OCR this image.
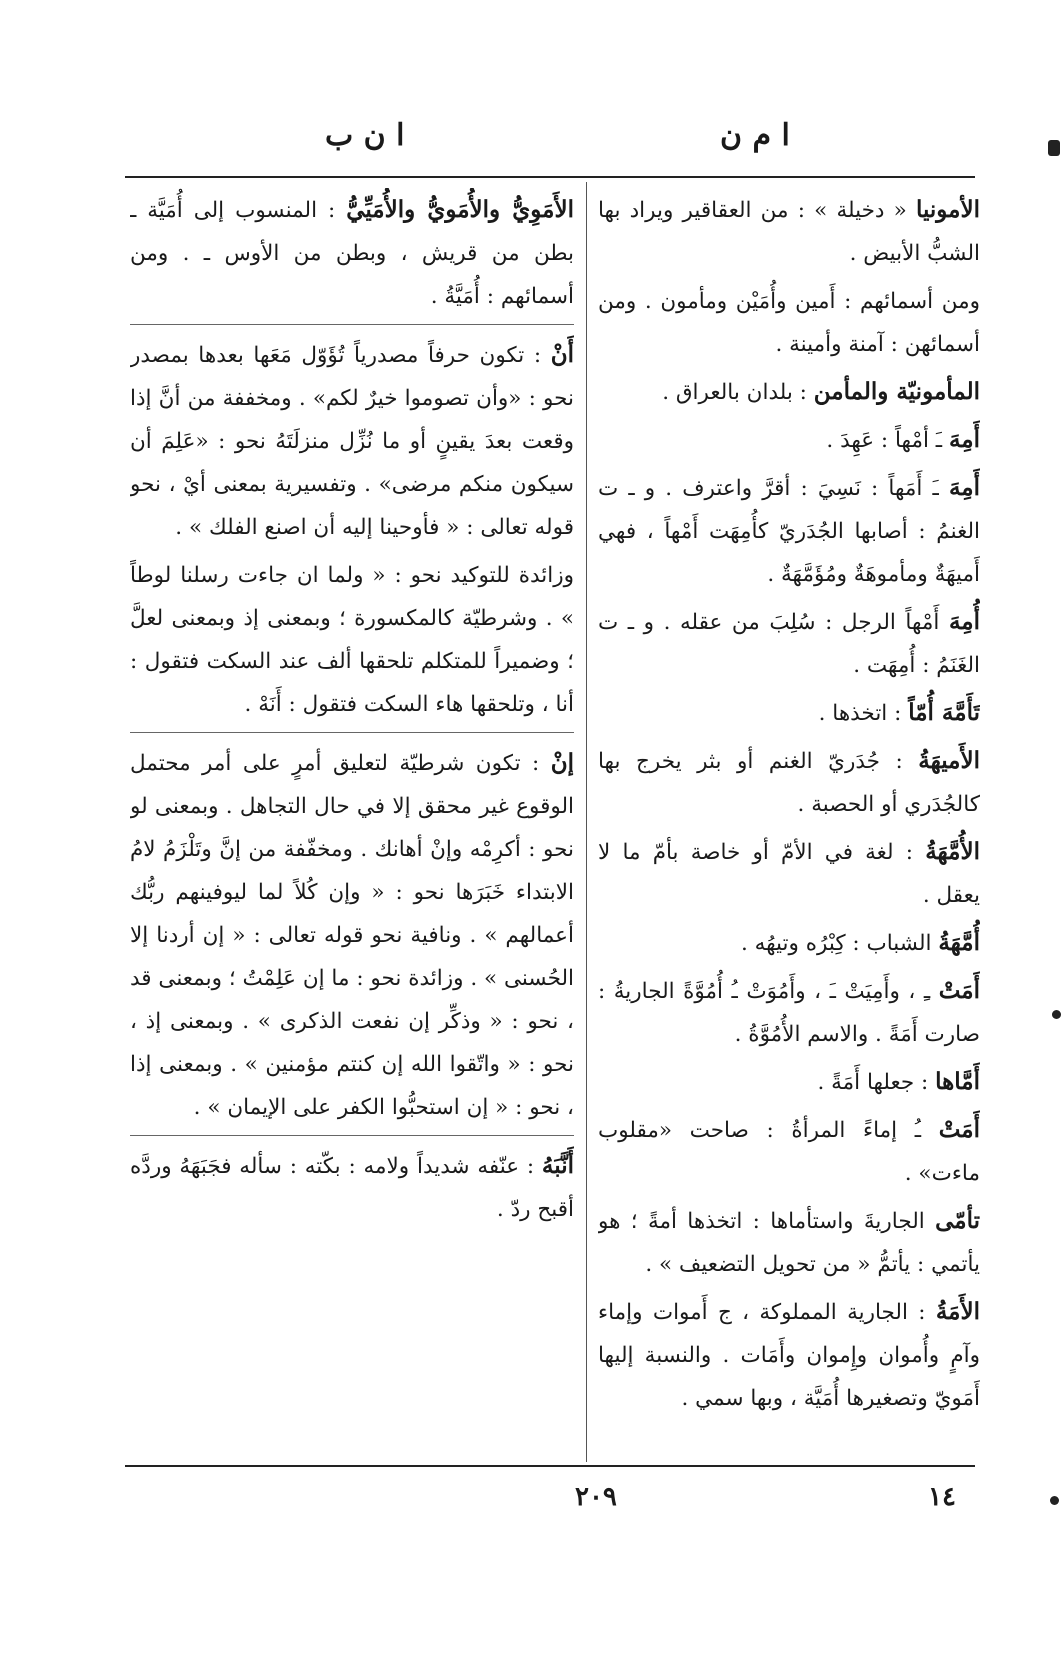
ا م ن
ا ن ب

الأمونيا « دخيلة » : من العقاقير ويراد بها الشبُّ الأبيض .

ومن أسمائهم : أَمين وأُمَيْن ومأمون . ومن أسمائهن : آمنة وأمينة .

المأمونيّة والمأمن : بلدان بالعراق .

أَمِهَ ـَ أمْهاً : عَهِدَ .

أَمِهَ ـَ أَمَهاً : نَسِيَ : أقرَّ واعترف . و ـ ت الغنمُ : أصابها الجُدَريّ كأُمِهَت أَمْهاً ، فهي أَميهَةٌ ومأموهَةٌ ومُؤَمَّهَةٌ .

أُمِهَ أَمْهاً الرجل : سُلِبَ من عقله . و ـ ت الغَنَمُ : أُمِهَت .

تَأَمَّهَ أُمّاً : اتخذها .

الأَميهَةُ : جُدَريّ الغنم أو بثر يخرج بها كالجُدَري أو الحصبة .

الأُمَّهَةُ : لغة في الأمّ أو خاصة بأمّ ما لا يعقل .

أُمَّهَةُ الشباب : كِبْرُه وتيهُه .

أَمَتْ ـِ ، وأَمِيَتْ ـَ ، وأَمُوَتْ ـُ أُمُوَّةً الجاريةُ : صارت أَمَةً . والاسم الأُمُوَّةُ .

أَمَّاها : جعلها أَمَةً .

أَمَتْ ـُ إماءً المرأةُ : صاحت «مقلوب ماءت» .

تأمّى الجاريةَ واستأماها : اتخذها أمةً ؛ هو يأتمي : يأتمُّ « من تحويل التضعيف » .

الأَمَةُ : الجارية المملوكة ، ج أَموات وإماء وآمٍ وأُموان وإِموان وأَمَات . والنسبة إليها أَمَويّ وتصغيرها أُمَيَّة ، وبها سمي .

الأَمَوِيُّ والأُمَويُّ والأُمَيِّيُّ : المنسوب إلى أُمَيَّة ـ بطن من قريش ، وبطن من الأوس ـ . ومن أسمائهم : أُمَيَّةُ .

أَنْ : تكون حرفاً مصدرياً تُؤَوّل مَعَها بعدها بمصدر نحو : «وأن تصوموا خيرٌ لكم» . ومخففة من أنَّ إذا وقعت بعدَ يقينٍ أو ما نُزِّل منزلَتَهُ نحو : «عَلِمَ أن سيكون منكم مرضى» . وتفسيرية بمعنى أيْ ، نحو قوله تعالى : « فأوحينا إليه أن اصنع الفلك » .

وزائدة للتوكيد نحو : « ولما ان جاءت رسلنا لوطاً » . وشرطيّة كالمكسورة ؛ وبمعنى إذ وبمعنى لعلَّ ؛ وضميراً للمتكلم تلحقها ألف عند السكت فتقول : أنا ، وتلحقها هاء السكت فتقول : أَنَهْ .

إنْ : تكون شرطيّة لتعليق أمرٍ على أمر محتمل الوقوع غير محقق إلا في حال التجاهل . وبمعنى لو نحو : أكرِمْه وإنْ أهانك . ومخفّفة من إنَّ وتَلْزَمُ لامُ الابتداء خَبَرَها نحو : « وإن كُلاً لما ليوفينهم ربُّك أعمالهم » . ونافية نحو قوله تعالى : « إن أردنا إلا الحُسنى » . وزائدة نحو : ما إن عَلِمْتُ ؛ وبمعنى قد ، نحو : « وذكِّر إن نفعت الذكرى » . وبمعنى إذ ، نحو : « واتّقوا الله إن كنتم مؤمنين » . وبمعنى إذا ، نحو : « إن استحبُّوا الكفر على الإيمان » .

أَنَّبَهُ : عنّفه شديداً ولامه : بكّته : سأله فجَبَهَهُ وردَّه أقبح ردّ .

٢٠٩	١٤
